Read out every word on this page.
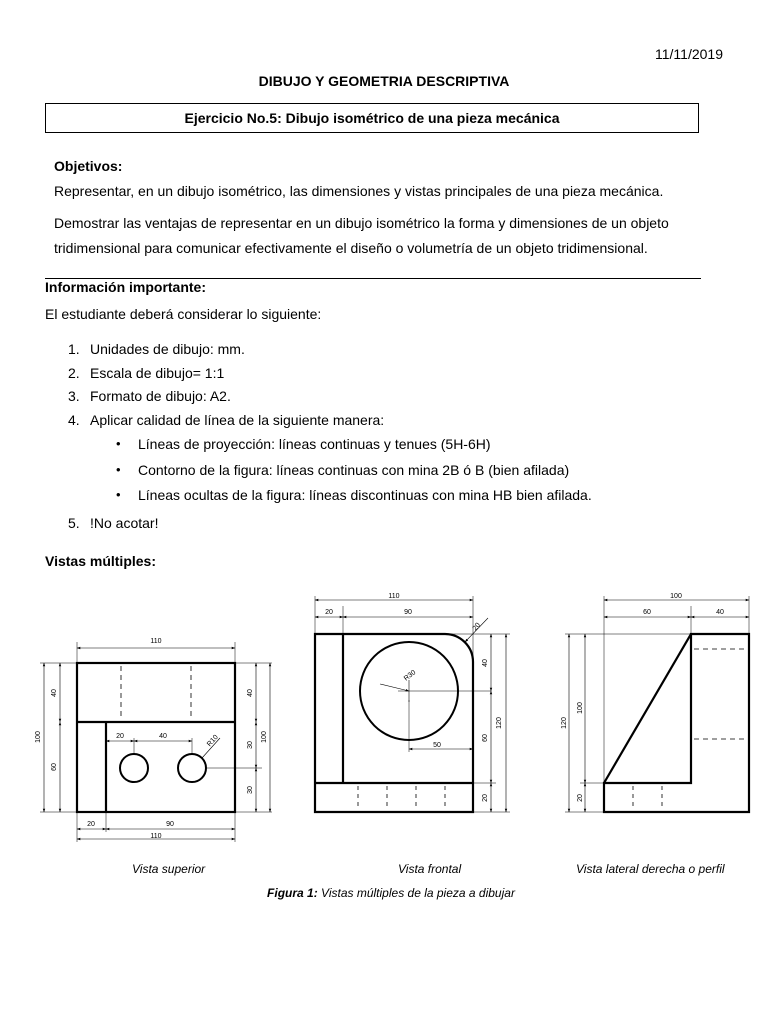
11/11/2019
DIBUJO Y GEOMETRIA DESCRIPTIVA
Ejercicio No.5: Dibujo isométrico de una pieza mecánica
Objetivos:
Representar, en un dibujo isométrico, las dimensiones y vistas principales de una pieza mecánica.
Demostrar las ventajas de representar en un dibujo isométrico la forma y dimensiones de un objeto tridimensional para comunicar efectivamente el diseño o volumetría de un objeto tridimensional.
Información importante:
El estudiante deberá considerar lo siguiente:
1. Unidades de dibujo: mm.
2. Escala de dibujo= 1:1
3. Formato de dibujo: A2.
4. Aplicar calidad de línea de la siguiente manera:
•	Líneas de proyección: líneas continuas y tenues (5H-6H)
•	Contorno de la figura: líneas continuas con mina 2B ó B (bien afilada)
•	Líneas ocultas de la figura: líneas discontinuas con mina HB bien afilada.
5. !No acotar!
Vistas múltiples:
110
40
60
100	20	40	R10
40
30
100
30
20	90
110
110
20	90
20
R30
40
120
60
20
50
100
60	40
120
100
20
Vista superior	Vista frontal	Vista lateral derecha o perfil
Figura 1: Vistas múltiples de la pieza a dibujar
